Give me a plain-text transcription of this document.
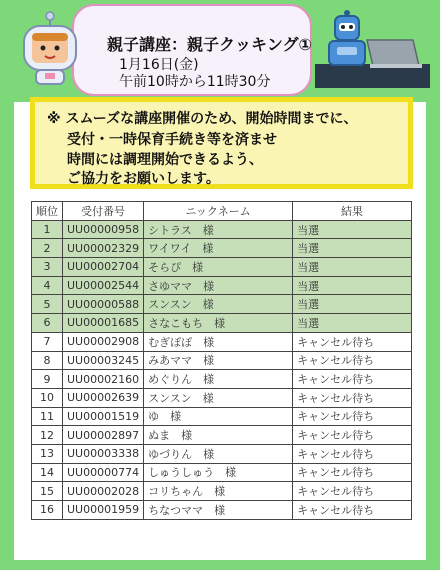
親子講座：親子クッキング①
1月16日(金)
午前10時から11時30分
※ スムーズな講座開催のため、開始時間までに、
受付・一時保育手続き等を済ませ
時間には調理開始できるよう、
ご協力をお願いします。
順位	受付番号	ニックネーム	結果
1	UU00000958	シトラス　様	当選
2	UU00002329	ワイワイ　様	当選
3	UU00002704	そらぴ　様	当選
4	UU00002544	さゆママ　様	当選
5	UU00000588	スンスン　様	当選
6	UU00001685	さなこもち　様	当選
7	UU00002908	むぎぽぽ　様	キャンセル待ち
8	UU00003245	みあママ　様	キャンセル待ち
9	UU00002160	めぐりん　様	キャンセル待ち
10	UU00002639	スンスン　様	キャンセル待ち
11	UU00001519	ゆ　様	キャンセル待ち
12	UU00002897	ぬま　様	キャンセル待ち
13	UU00003338	ゆづりん　様	キャンセル待ち
14	UU00000774	しゅうしゅう　様	キャンセル待ち
15	UU00002028	コリちゃん　様	キャンセル待ち
16	UU00001959	ちなつママ　様	キャンセル待ち
